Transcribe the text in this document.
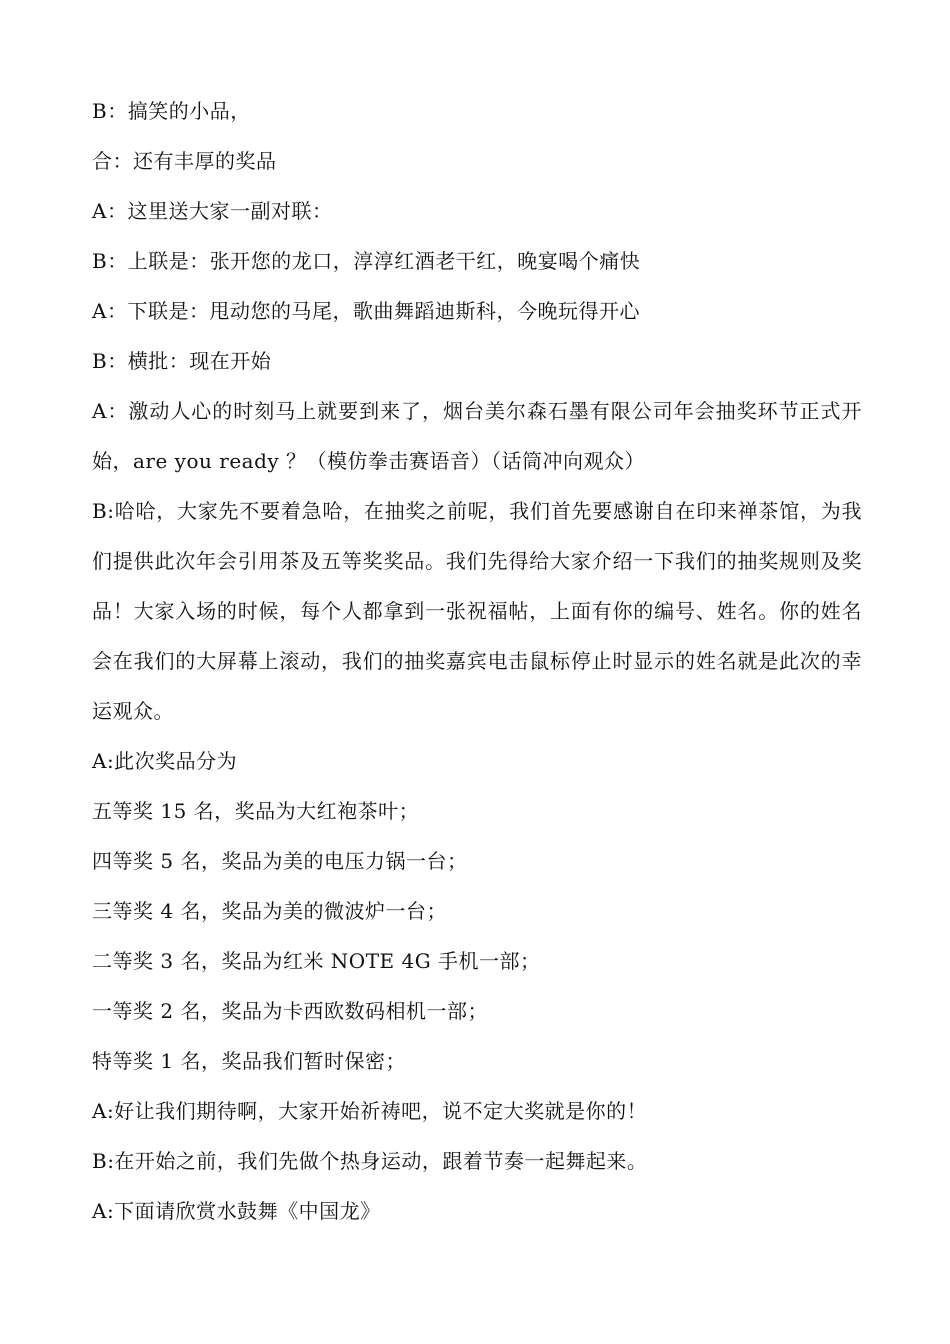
B：搞笑的小品，
合：还有丰厚的奖品
A：这里送大家一副对联：
B：上联是：张开您的龙口，淳淳红酒老干红，晚宴喝个痛快
A：下联是：甩动您的马尾，歌曲舞蹈迪斯科，今晚玩得开心
B：横批：现在开始
A：激动人心的时刻马上就要到来了，烟台美尔森石墨有限公司年会抽奖环节正式开始，are you ready ？（模仿拳击赛语音）（话筒冲向观众）
B:哈哈，大家先不要着急哈，在抽奖之前呢，我们首先要感谢自在印来禅茶馆，为我们提供此次年会引用茶及五等奖奖品。我们先得给大家介绍一下我们的抽奖规则及奖品！大家入场的时候，每个人都拿到一张祝福帖，上面有你的编号、姓名。你的姓名会在我们的大屏幕上滚动，我们的抽奖嘉宾电击鼠标停止时显示的姓名就是此次的幸运观众。
A:此次奖品分为
五等奖 15 名，奖品为大红袍茶叶；
四等奖 5 名，奖品为美的电压力锅一台；
三等奖 4 名，奖品为美的微波炉一台；
二等奖 3 名，奖品为红米 NOTE 4G 手机一部；
一等奖 2 名，奖品为卡西欧数码相机一部；
特等奖 1 名，奖品我们暂时保密；
A:好让我们期待啊，大家开始祈祷吧，说不定大奖就是你的！
B:在开始之前，我们先做个热身运动，跟着节奏一起舞起来。
A:下面请欣赏水鼓舞《中国龙》
